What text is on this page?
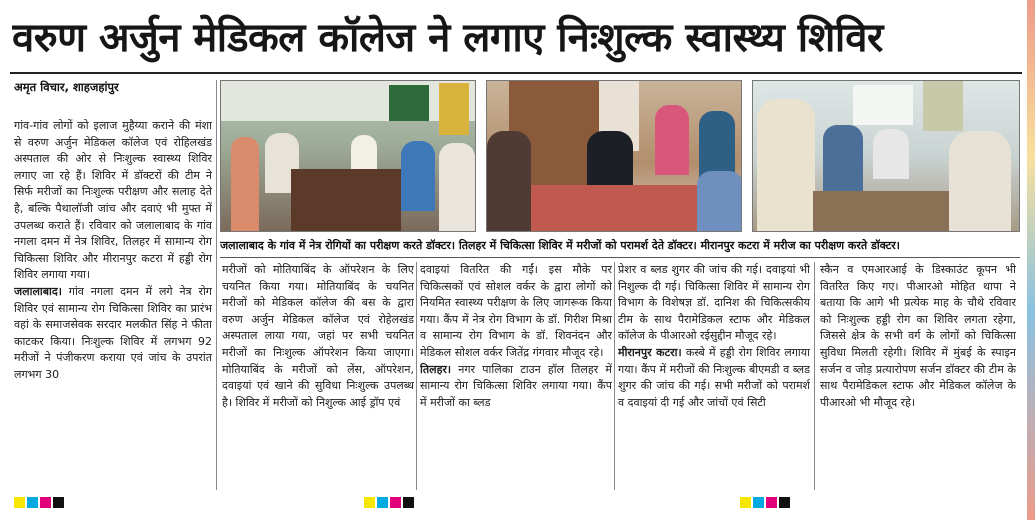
वरुण अर्जुन मेडिकल कॉलेज ने लगाए निःशुल्क स्वास्थ्य शिविर
अमृत विचार, शाहजहांपुर

गांव-गांव लोगों को इलाज मुहैय्या कराने की मंशा से वरुण अर्जुन मेडिकल कॉलेज एवं रोहिलखंड अस्पताल की ओर से निःशुल्क स्वास्थ्य शिविर लगाए जा रहे हैं। शिविर में डॉक्टरों की टीम ने सिर्फ मरीजों का निःशुल्क परीक्षण और सलाह देते है, बल्कि पैथालॉजी जांच और दवाएं भी मुफ्त में उपलब्ध कराते हैं। रविवार को जलालाबाद के गांव नगला दमन में नेत्र शिविर, तिलहर में सामान्य रोग चिकित्सा शिविर और मीरानपुर कटरा में हड्डी रोग शिविर लगाया गया।

जलालाबाद। गांव नगला दमन में लगे नेत्र रोग शिविर एवं सामान्य रोग चिकित्सा शिविर का प्रारंभ वहां के समाजसेवक सरदार मलकीत सिंह ने फीता काटकर किया। निःशुल्क शिविर में लगभग 92 मरीजों ने पंजीकरण कराया एवं जांच के उपरांत लगभग 30

जलालाबाद के गांव में नेत्र रोगियों का परीक्षण करते डॉक्टर। तिलहर में चिकित्सा शिविर में मरीजों को परामर्श देते डॉक्टर। मीरानपुर कटरा में मरीज का परीक्षण करते डॉक्टर।

मरीजों को मोतियाबिंद के ऑपरेशन के लिए चयनित किया गया। मोतियाबिंद के चयनित मरीजों को मेडिकल कॉलेज की बस के द्वारा वरुण अर्जुन मेडिकल कॉलेज एवं रोहेलखंड अस्पताल लाया गया, जहां पर सभी चयनित मरीजों का निःशुल्क ऑपरेशन किया जाएगा। मोतियाबिंद के मरीजों को लेंस, ऑपरेशन, दवाइयां एवं खाने की सुविधा निःशुल्क उपलब्ध है। शिविर में मरीजों को निशुल्क आई ड्रॉप एवं

दवाइयां वितरित की गईं। इस मौके पर चिकित्सकों एवं सोशल वर्कर के द्वारा लोगों को नियमित स्वास्थ्य परीक्षण के लिए जागरूक किया गया। कैंप में नेत्र रोग विभाग के डॉ. गिरीश मिश्रा व सामान्य रोग विभाग के डॉ. शिवनंदन और मेडिकल सोशल वर्कर जितेंद्र गंगवार मौजूद रहे।

तिलहर। नगर पालिका टाउन हॉल तिलहर में सामान्य रोग चिकित्सा शिविर लगाया गया। कैंप में मरीजों का ब्लड

प्रेशर व ब्लड शुगर की जांच की गई। दवाइयां भी निशुल्क दी गई। चिकित्सा शिविर में सामान्य रोग विभाग के विशेषज्ञ डॉ. दानिश की चिकित्सकीय टीम के साथ पैरामेडिकल स्टाफ और मेडिकल कॉलेज के पीआरओ रईसुद्दीन मौजूद रहे।

मीरानपुर कटरा। कस्बे में हड्डी रोग शिविर लगाया गया। कैंप में मरीजों की निःशुल्क बीएमडी व ब्लड शुगर की जांच की गई। सभी मरीजों को परामर्श व दवाइयां दी गई और जांचों एवं सिटी

स्कैन व एमआरआई के डिस्काउंट कूपन भी वितरित किए गए। पीआरओ मोहित थापा ने बताया कि आगे भी प्रत्येक माह के चौथे रविवार को निःशुल्क हड्डी रोग का शिविर लगता रहेगा, जिससे क्षेत्र के सभी वर्ग के लोगों को चिकित्सा सुविधा मिलती रहेगी। शिविर में मुंबई के स्पाइन सर्जन व जोड़ प्रत्यारोपण सर्जन डॉक्टर की टीम के साथ पैरामेडिकल स्टाफ और मेडिकल कॉलेज के पीआरओ भी मौजूद रहे।
